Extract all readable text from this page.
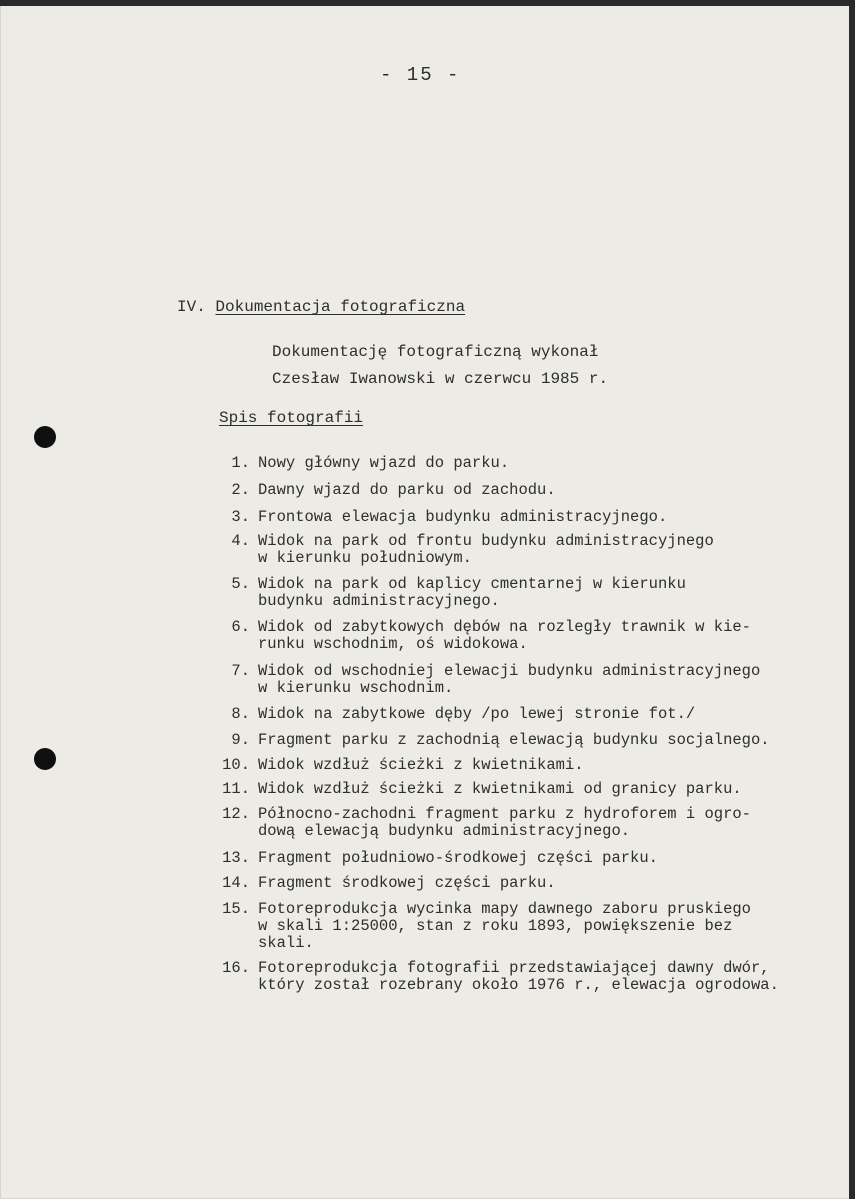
- 15 -
IV. Dokumentacja fotograficzna
Dokumentację fotograficzną wykonał
Czesław Iwanowski w czerwcu 1985 r.
Spis fotografii
1. Nowy główny wjazd do parku.
2. Dawny wjazd do parku od zachodu.
3. Frontowa elewacja budynku administracyjnego.
4. Widok na park od frontu budynku administracyjnego
w kierunku południowym.
5. Widok na park od kaplicy cmentarnej w kierunku
budynku administracyjnego.
6. Widok od zabytkowych dębów na rozległy trawnik w kie-
runku wschodnim, oś widokowa.
7. Widok od wschodniej elewacji budynku administracyjnego
w kierunku wschodnim.
8. Widok na zabytkowe dęby /po lewej stronie fot./
9. Fragment parku z zachodnią elewacją budynku socjalnego.
10. Widok wzdłuż ścieżki z kwietnikami.
11. Widok wzdłuż ścieżki z kwietnikami od granicy parku.
12. Północno-zachodni fragment parku z hydroforem i ogro-
dową elewacją budynku administracyjnego.
13. Fragment południowo-środkowej części parku.
14. Fragment środkowej części parku.
15. Fotoreprodukcja wycinka mapy dawnego zaboru pruskiego
w skali 1:25000, stan z roku 1893, powiększenie bez
skali.
16. Fotoreprodukcja fotografii przedstawiającej dawny dwór,
który został rozebrany około 1976 r., elewacja ogrodowa.
